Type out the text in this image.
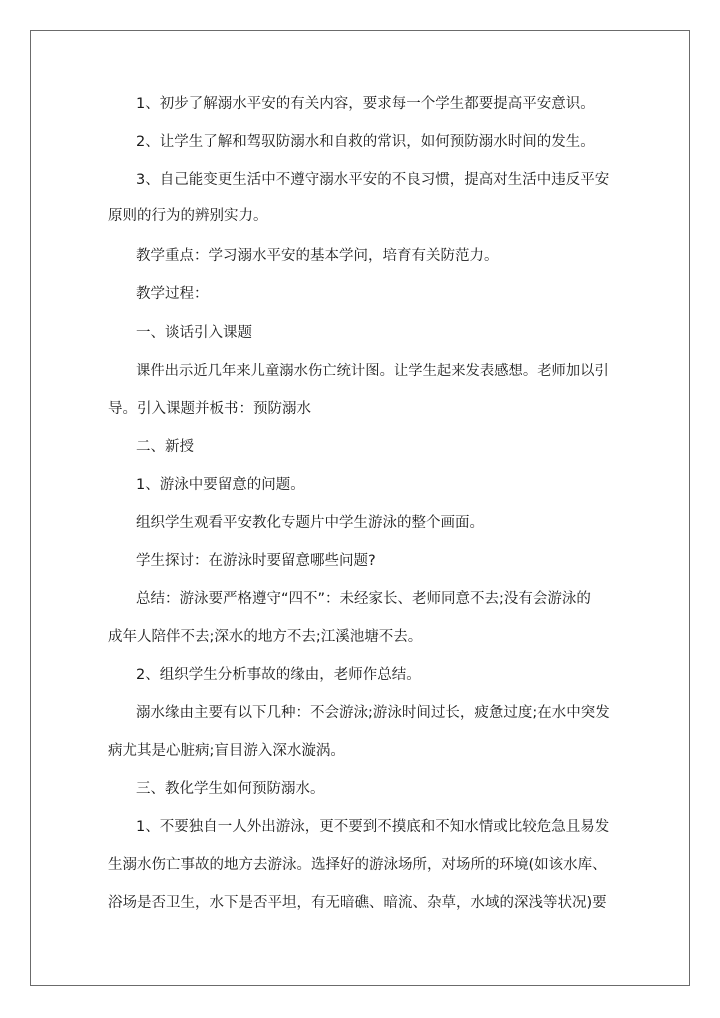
1、初步了解溺水平安的有关内容，要求每一个学生都要提高平安意识。
2、让学生了解和驾驭防溺水和自救的常识，如何预防溺水时间的发生。
3、自己能变更生活中不遵守溺水平安的不良习惯，提高对生活中违反平安
原则的行为的辨别实力。
教学重点：学习溺水平安的基本学问，培育有关防范力。
教学过程：
一、谈话引入课题
课件出示近几年来儿童溺水伤亡统计图。让学生起来发表感想。老师加以引
导。引入课题并板书：预防溺水
二、新授
1、游泳中要留意的问题。
组织学生观看平安教化专题片中学生游泳的整个画面。
学生探讨：在游泳时要留意哪些问题?
总结：游泳要严格遵守“四不”：未经家长、老师同意不去;没有会游泳的
成年人陪伴不去;深水的地方不去;江溪池塘不去。
2、组织学生分析事故的缘由，老师作总结。
溺水缘由主要有以下几种：不会游泳;游泳时间过长，疲惫过度;在水中突发
病尤其是心脏病;盲目游入深水漩涡。
三、教化学生如何预防溺水。
1、不要独自一人外出游泳，更不要到不摸底和不知水情或比较危急且易发
生溺水伤亡事故的地方去游泳。选择好的游泳场所，对场所的环境(如该水库、
浴场是否卫生，水下是否平坦，有无暗礁、暗流、杂草，水域的深浅等状况)要
